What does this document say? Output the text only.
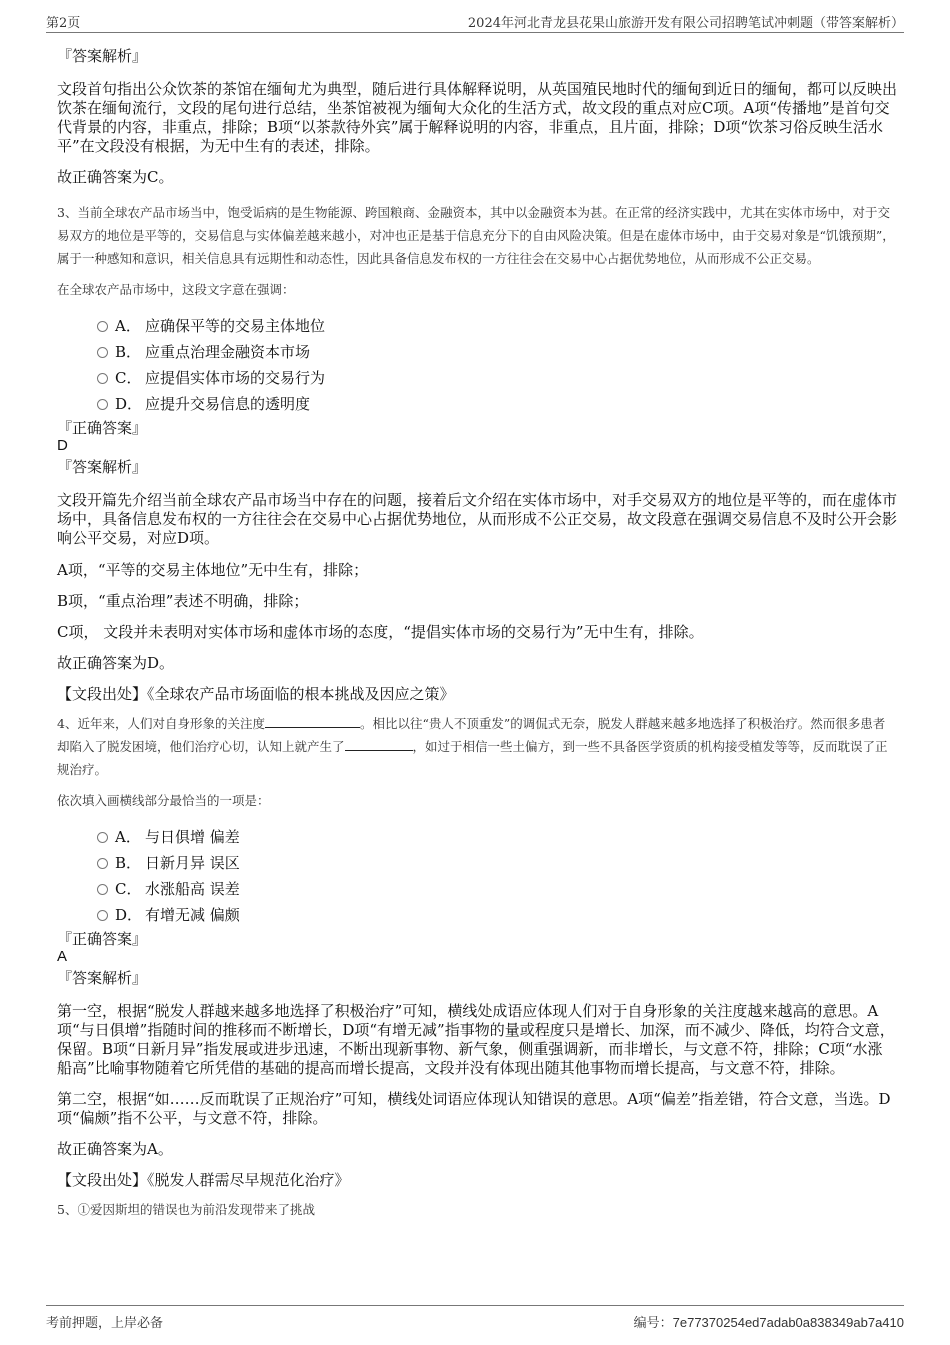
第2页	2024年河北青龙县花果山旅游开发有限公司招聘笔试冲刺题（带答案解析）
『答案解析』

文段首句指出公众饮茶的茶馆在缅甸尤为典型，随后进行具体解释说明，从英国殖民地时代的缅甸到近日的缅甸，都可以反映出饮茶在缅甸流行，文段的尾句进行总结，坐茶馆被视为缅甸大众化的生活方式，故文段的重点对应C项。A项“传播地”是首句交代背景的内容，非重点，排除；B项“以茶款待外宾”属于解释说明的内容，非重点，且片面，排除；D项“饮茶习俗反映生活水平”在文段没有根据，为无中生有的表述，排除。

故正确答案为C。

3、当前全球农产品市场当中，饱受诟病的是生物能源、跨国粮商、金融资本，其中以金融资本为甚。在正常的经济实践中，尤其在实体市场中，对于交易双方的地位是平等的，交易信息与实体偏差越来越小，对冲也正是基于信息充分下的自由风险决策。但是在虚体市场中，由于交易对象是“饥饿预期”，属于一种感知和意识，相关信息具有远期性和动态性，因此具备信息发布权的一方往往会在交易中心占据优势地位，从而形成不公正交易。

在全球农产品市场中，这段文字意在强调：

A． 应确保平等的交易主体地位
B． 应重点治理金融资本市场
C． 应提倡实体市场的交易行为
D． 应提升交易信息的透明度
『正确答案』
D
『答案解析』

文段开篇先介绍当前全球农产品市场当中存在的问题，接着后文介绍在实体市场中，对手交易双方的地位是平等的，而在虚体市场中，具备信息发布权的一方往往会在交易中心占据优势地位，从而形成不公正交易，故文段意在强调交易信息不及时公开会影响公平交易，对应D项。

A项，“平等的交易主体地位”无中生有，排除；

B项，“重点治理”表述不明确，排除；

C项， 文段并未表明对实体市场和虚体市场的态度，“提倡实体市场的交易行为”无中生有，排除。

故正确答案为D。

【文段出处】《全球农产品市场面临的根本挑战及因应之策》

4、近年来，人们对自身形象的关注度	。相比以往“贵人不顶重发”的调侃式无奈，脱发人群越来越多地选择了积极治疗。然而很多患者却陷入了脱发困境，他们治疗心切，认知上就产生了	，如过于相信一些土偏方，到一些不具备医学资质的机构接受植发等等，反而耽误了正规治疗。

依次填入画横线部分最恰当的一项是：

A． 与日俱增 偏差
B． 日新月异 误区
C． 水涨船高 误差
D． 有增无减 偏颇
『正确答案』
A
『答案解析』

第一空，根据“脱发人群越来越多地选择了积极治疗”可知，横线处成语应体现人们对于自身形象的关注度越来越高的意思。A项“与日俱增”指随时间的推移而不断增长，D项“有增无减”指事物的量或程度只是增长、加深，而不减少、降低，均符合文意，保留。B项“日新月异”指发展或进步迅速，不断出现新事物、新气象，侧重强调新，而非增长，与文意不符，排除；C项“水涨船高”比喻事物随着它所凭借的基础的提高而增长提高，文段并没有体现出随其他事物而增长提高，与文意不符，排除。

第二空，根据“如……反而耽误了正规治疗”可知，横线处词语应体现认知错误的意思。A项“偏差”指差错，符合文意，当选。D项“偏颇”指不公平，与文意不符，排除。

故正确答案为A。

【文段出处】《脱发人群需尽早规范化治疗》

5、①爱因斯坦的错误也为前沿发现带来了挑战

考前押题，上岸必备	编号：7e77370254ed7adab0a838349ab7a410
